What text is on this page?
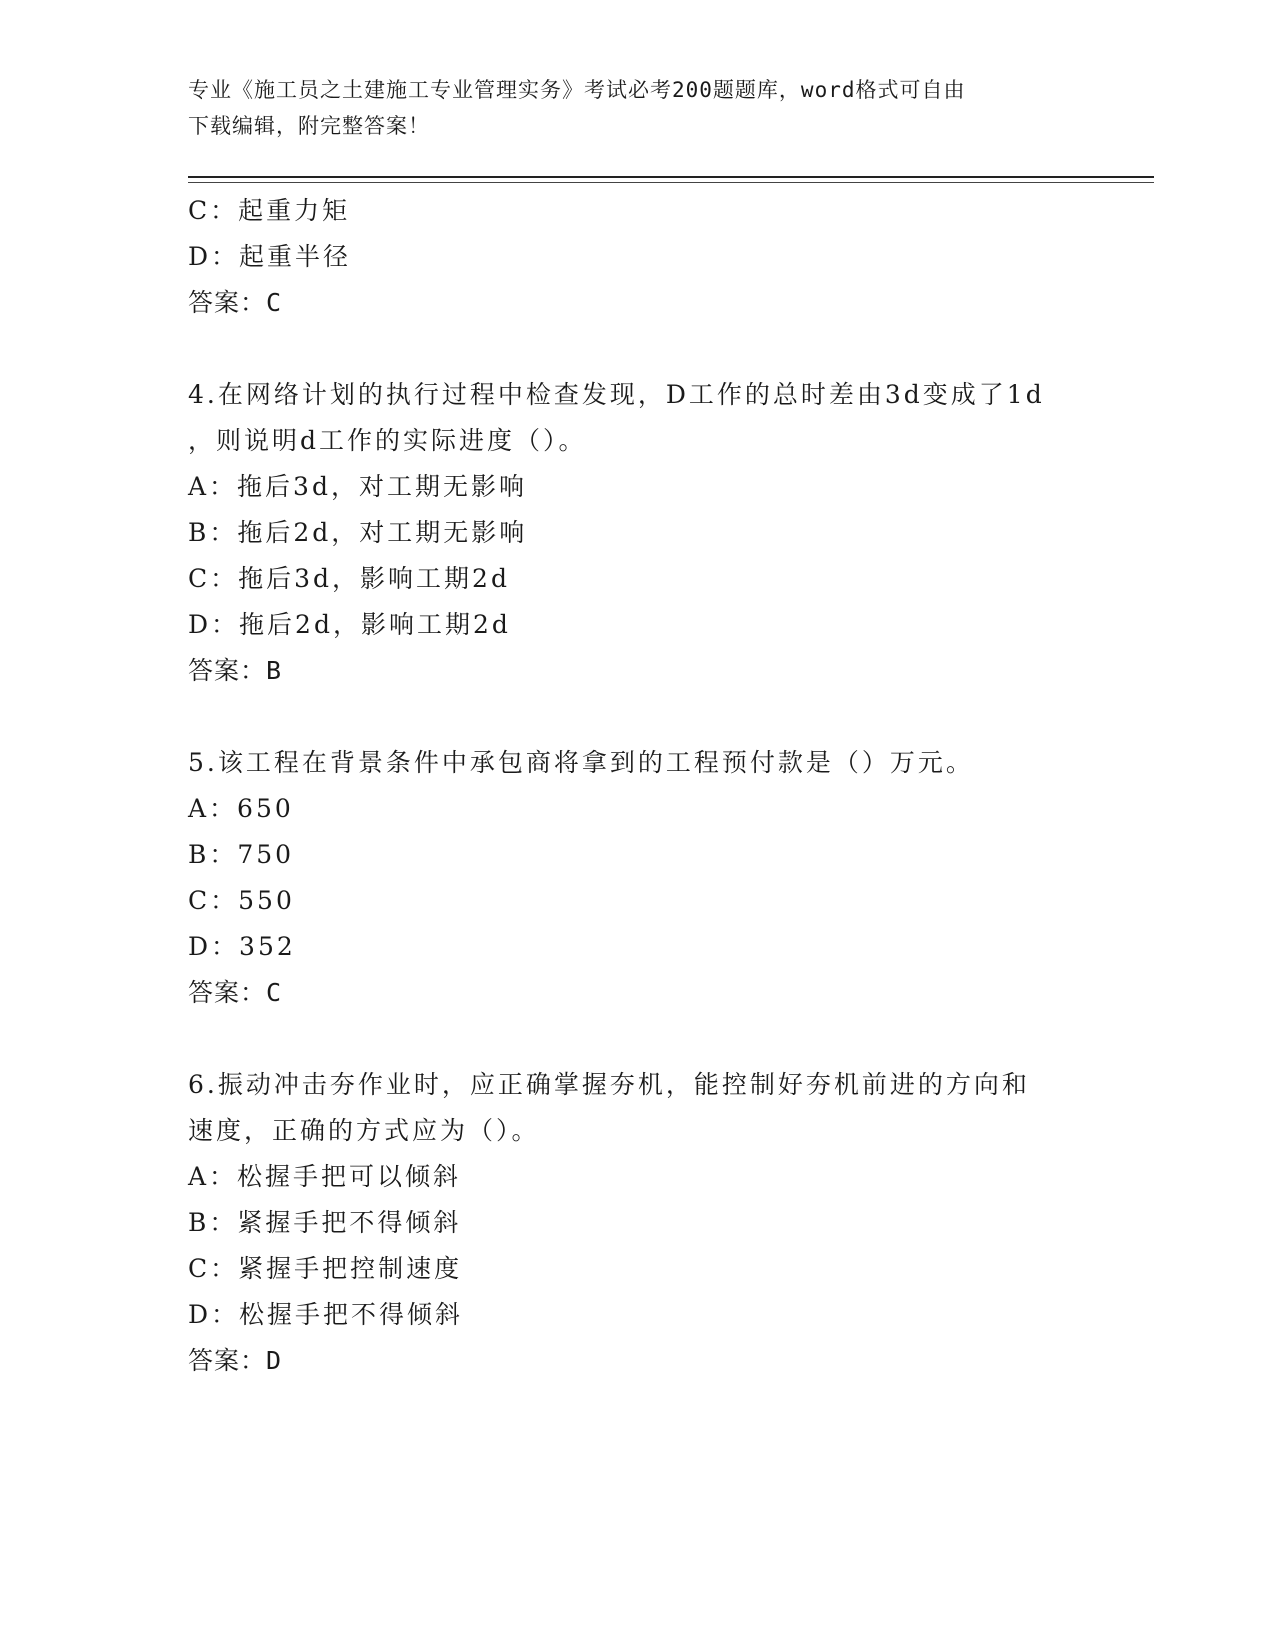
专业《施工员之土建施工专业管理实务》考试必考200题题库，word格式可自由
下载编辑，附完整答案！
C：起重力矩
D：起重半径
答案：C
4.在网络计划的执行过程中检查发现，D工作的总时差由3d变成了1d
，则说明d工作的实际进度（）。
A：拖后3d，对工期无影响
B：拖后2d，对工期无影响
C：拖后3d，影响工期2d
D：拖后2d，影响工期2d
答案：B
5.该工程在背景条件中承包商将拿到的工程预付款是（）万元。
A：650
B：750
C：550
D：352
答案：C
6.振动冲击夯作业时，应正确掌握夯机，能控制好夯机前进的方向和
速度，正确的方式应为（）。
A：松握手把可以倾斜
B：紧握手把不得倾斜
C：紧握手把控制速度
D：松握手把不得倾斜
答案：D
